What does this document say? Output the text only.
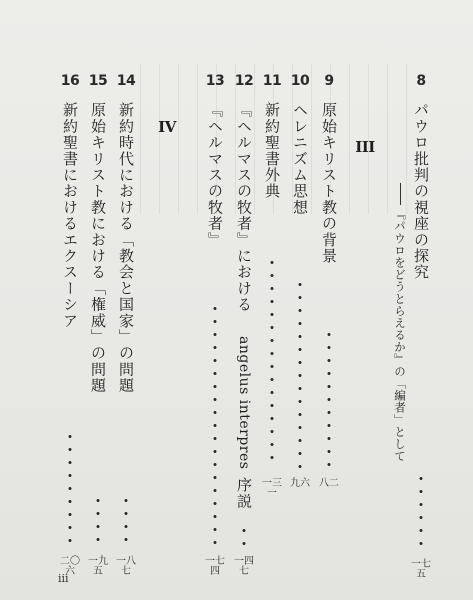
8
パウロ批判の視座の探究
『パウロをどうとらえるか』の「編者」として
一七五
III
9
原始キリスト教の背景
八二
10
ヘレニズム思想
九六
11
新約聖書外典
一三一
12
『ヘルマスの牧者』における
angelus interpres
序説
一四七
13
『ヘルマスの牧者』
一七四
IV
14
新約時代における「教会と国家」の問題
一八七
15
原始キリスト教における「権威」の問題
一九五
16
新約聖書におけるエクスーシア
二〇六
iii
